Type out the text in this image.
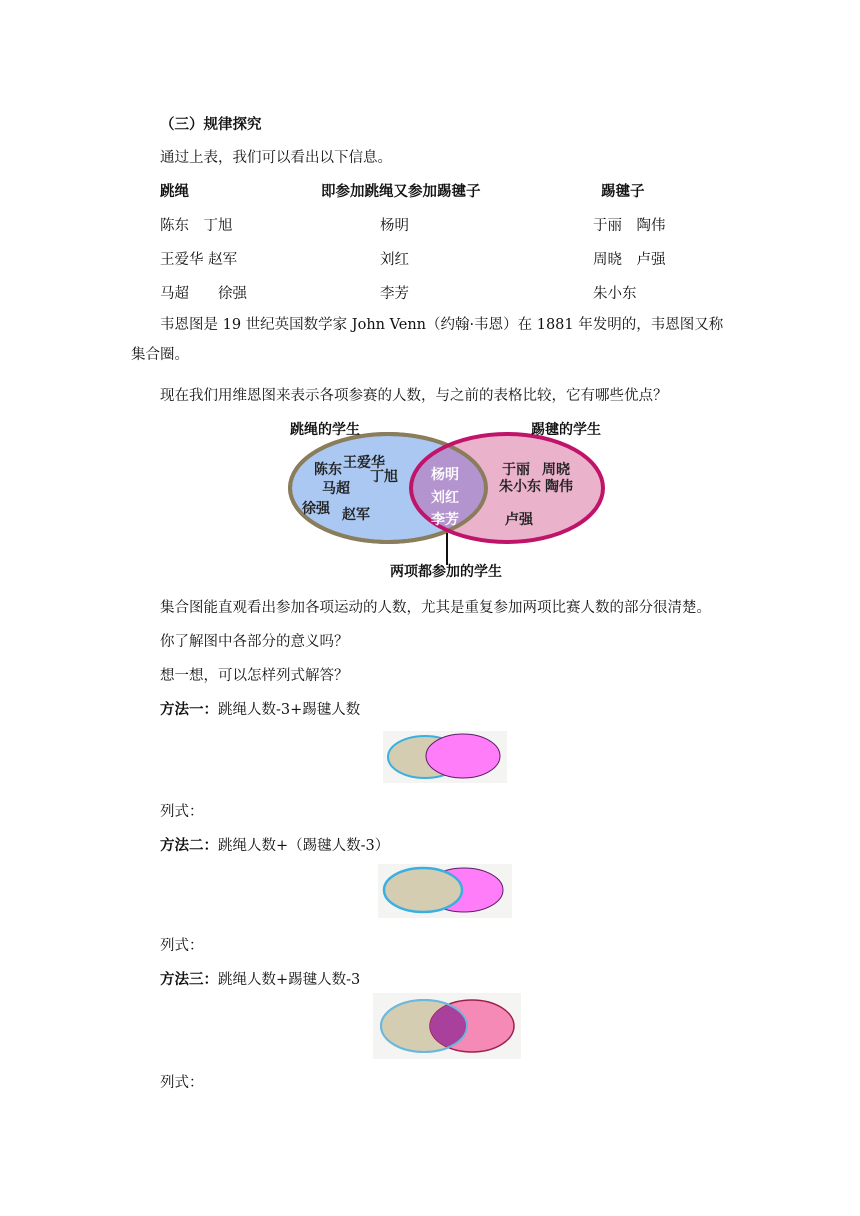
（三）规律探究
通过上表，我们可以看出以下信息。
跳绳	即参加跳绳又参加踢毽子	踢毽子
陈东　丁旭	杨明	于丽　陶伟
王爱华 赵军	刘红	周晓　卢强
马超　　徐强	李芳	朱小东
韦恩图是 19 世纪英国数学家 John Venn（约翰·韦恩）在 1881 年发明的，韦恩图又称集合圈。
现在我们用维恩图来表示各项参赛的人数，与之前的表格比较，它有哪些优点？
跳绳的学生	踢毽的学生
陈东 王爱华
丁旭
马超
徐强 赵军
杨明
刘红
李芳
于丽 周晓
朱小东 陶伟
卢强
两项都参加的学生
集合图能直观看出参加各项运动的人数，尤其是重复参加两项比赛人数的部分很清楚。
你了解图中各部分的意义吗？
想一想，可以怎样列式解答？
方法一：跳绳人数-3+踢毽人数
列式：
方法二：跳绳人数+（踢毽人数-3）
列式：
方法三：跳绳人数+踢毽人数-3
列式：
